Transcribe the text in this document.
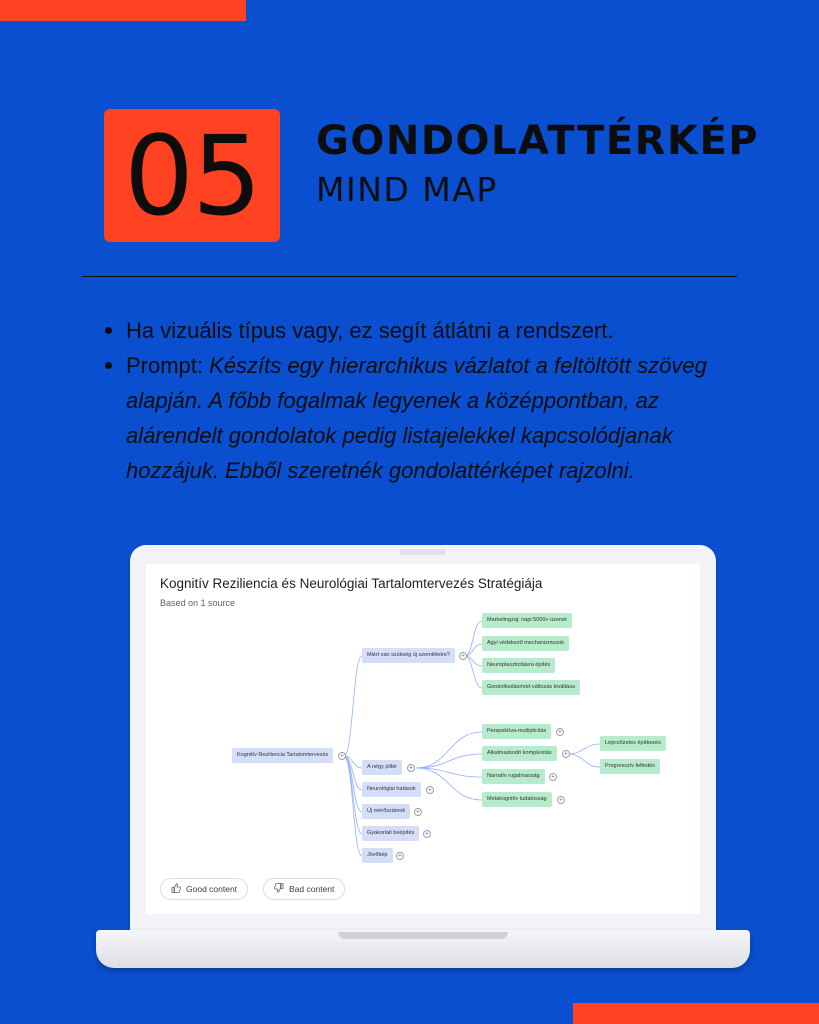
05 GONDOLATTÉRKÉP
MIND MAP
Ha vizuális típus vagy, ez segít átlátni a rendszert.
Prompt: Készíts egy hierarchikus vázlatot a feltöltött szöveg alapján. A főbb fogalmak legyenek a középpontban, az alárendelt gondolatok pedig listajelekkel kapcsolódjanak hozzájuk. Ebből szeretnék gondolattérképet rajzolni.
Kognitív Reziliencia és Neurológiai Tartalomtervezés Stratégiája
Based on 1 source
Kognitív Reziliencia Tartalomtervezés	+
Miért van szükség új szemléletre?	+
A négy pillér	+
Neurológiai hatások	+
Új mérőszámok	+
Gyakorlati beépítés	+
Jövőkép	+
Marketingzaj: napi 5000+ üzenet
Agyi védekező mechanizmusok
Neuroplaszticitásra építés
Gondolkodásmód-változás kiváltása
Perspektíva-multiplicitás	+
Alkalmazkodó komplexitás	+
Narratív rugalmasság	+
Metakognitív tudatosság	+
Lépcsőzetes építkezés
Progresszív felfedés
Good content	Bad content
